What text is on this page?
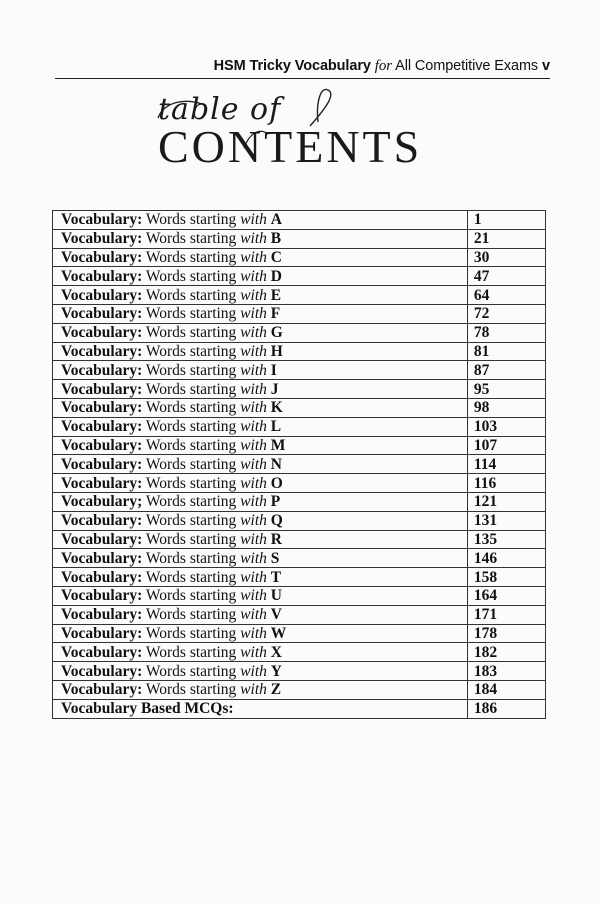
HSM Tricky Vocabulary for All Competitive Exams v
table of
CONTENTS
Vocabulary: Words starting with A	1
Vocabulary: Words starting with B	21
Vocabulary: Words starting with C	30
Vocabulary: Words starting with D	47
Vocabulary: Words starting with E	64
Vocabulary: Words starting with F	72
Vocabulary: Words starting with G	78
Vocabulary: Words starting with H	81
Vocabulary: Words starting with I	87
Vocabulary: Words starting with J	95
Vocabulary: Words starting with K	98
Vocabulary: Words starting with L	103
Vocabulary: Words starting with M	107
Vocabulary: Words starting with N	114
Vocabulary: Words starting with O	116
Vocabulary; Words starting with P	121
Vocabulary: Words starting with Q	131
Vocabulary: Words starting with R	135
Vocabulary: Words starting with S	146
Vocabulary: Words starting with T	158
Vocabulary: Words starting with U	164
Vocabulary: Words starting with V	171
Vocabulary: Words starting with W	178
Vocabulary: Words starting with X	182
Vocabulary: Words starting with Y	183
Vocabulary: Words starting with Z	184
Vocabulary Based MCQs:	186
